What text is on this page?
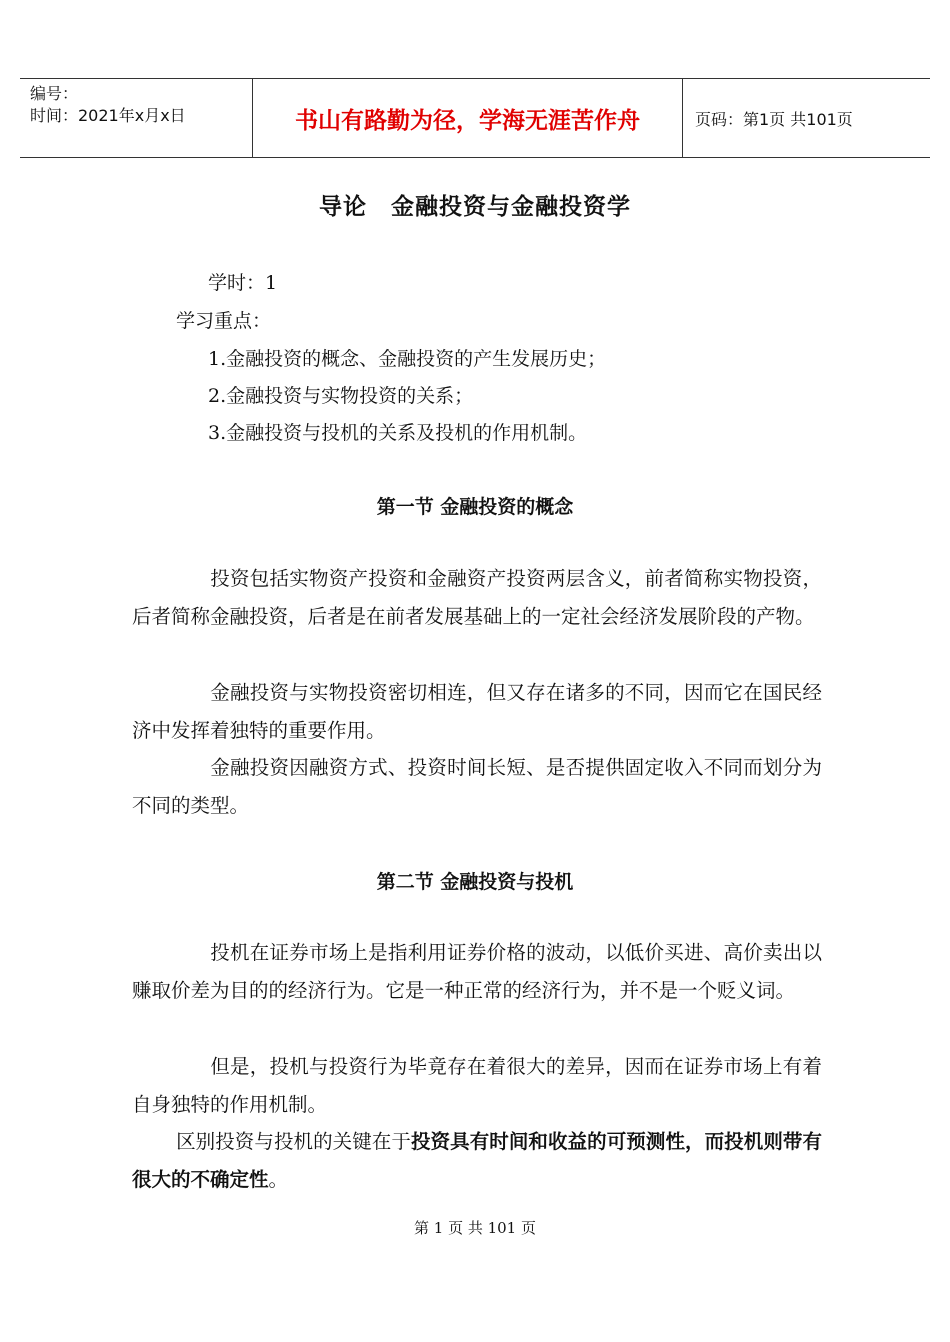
编号：
时间：2021年x月x日	书山有路勤为径，学海无涯苦作舟	页码：第1页 共101页
导论　金融投资与金融投资学
学时：1
学习重点：
1.金融投资的概念、金融投资的产生发展历史；
2.金融投资与实物投资的关系；
3.金融投资与投机的关系及投机的作用机制。
第一节 金融投资的概念
投资包括实物资产投资和金融资产投资两层含义，前者简称实物投资，后者简称金融投资，后者是在前者发展基础上的一定社会经济发展阶段的产物。
金融投资与实物投资密切相连，但又存在诸多的不同，因而它在国民经济中发挥着独特的重要作用。
金融投资因融资方式、投资时间长短、是否提供固定收入不同而划分为不同的类型。
第二节 金融投资与投机
投机在证券市场上是指利用证券价格的波动，以低价买进、高价卖出以赚取价差为目的的经济行为。它是一种正常的经济行为，并不是一个贬义词。
但是，投机与投资行为毕竟存在着很大的差异，因而在证券市场上有着自身独特的作用机制。
区别投资与投机的关键在于投资具有时间和收益的可预测性，而投机则带有很大的不确定性。
第 1 页 共 101 页
